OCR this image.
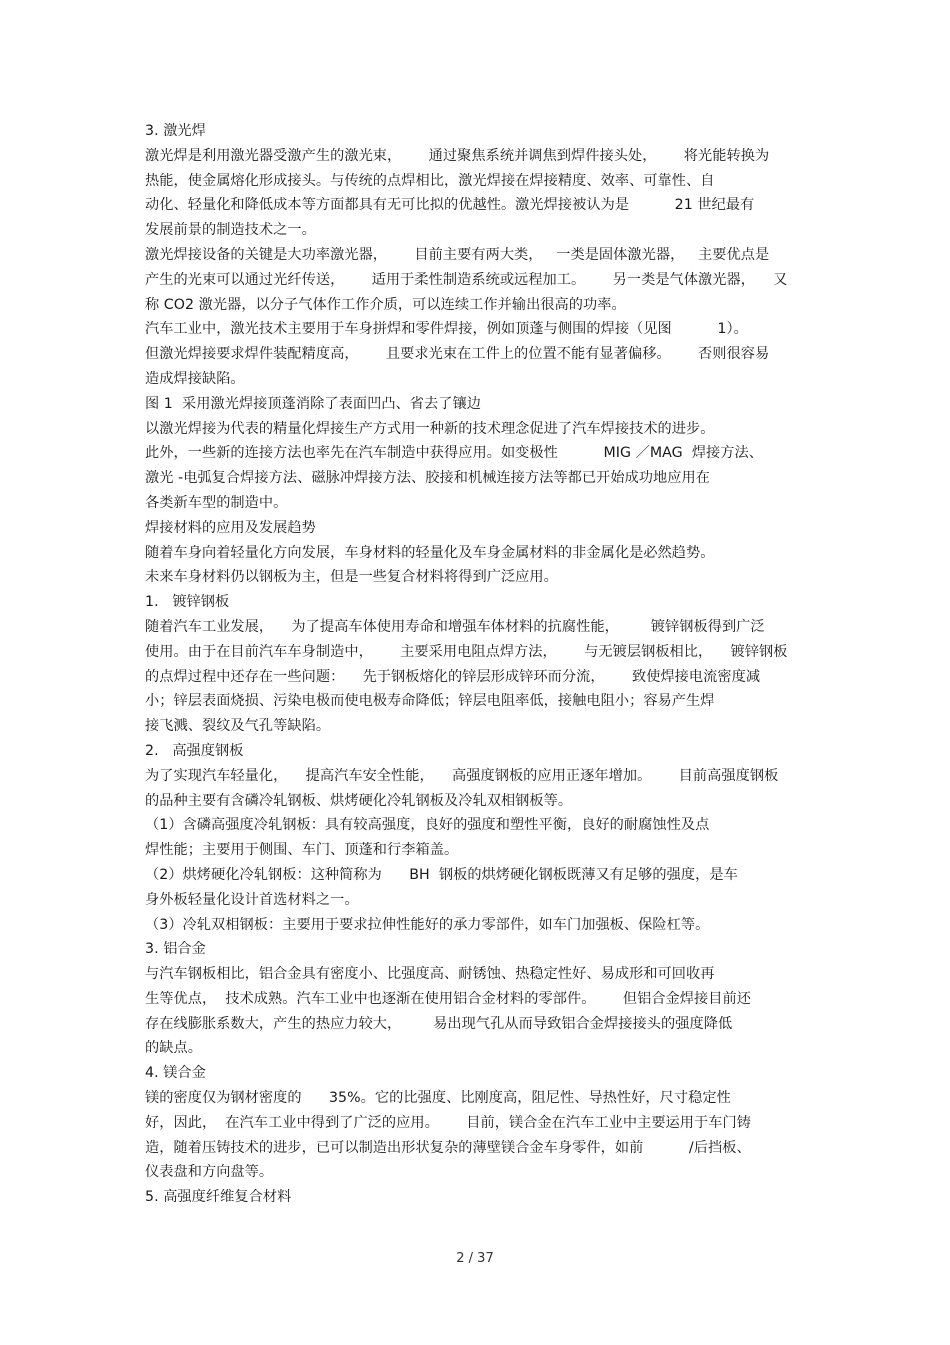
3. 激光焊
激光焊是利用激光器受激产生的激光束，      通过聚焦系统并调焦到焊件接头处，      将光能转换为
热能，使金属熔化形成接头。与传统的点焊相比，激光焊接在焊接精度、效率、可靠性、自
动化、轻量化和降低成本等方面都具有无可比拟的优越性。激光焊接被认为是          21 世纪最有
发展前景的制造技术之一。
激光焊接设备的关键是大功率激光器，      目前主要有两大类，   一类是固体激光器，   主要优点是
产生的光束可以通过光纤传送，      适用于柔性制造系统或远程加工。      另一类是气体激光器，    又
称 CO2 激光器，以分子气体作工作介质，可以连续工作并输出很高的功率。
汽车工业中，激光技术主要用于车身拼焊和零件焊接，例如顶蓬与侧围的焊接（见图          1）。
但激光焊接要求焊件装配精度高，      且要求光束在工件上的位置不能有显著偏移。      否则很容易
造成焊接缺陷。
图 1  采用激光焊接顶蓬消除了表面凹凸、省去了镶边
以激光焊接为代表的精量化焊接生产方式用一种新的技术理念促进了汽车焊接技术的进步。
此外，一些新的连接方法也率先在汽车制造中获得应用。如变极性          MIG ／MAG  焊接方法、
激光 -电弧复合焊接方法、磁脉冲焊接方法、胶接和机械连接方法等都已开始成功地应用在
各类新车型的制造中。
焊接材料的应用及发展趋势
随着车身向着轻量化方向发展，车身材料的轻量化及车身金属材料的非金属化是必然趋势。
未来车身材料仍以钢板为主，但是一些复合材料将得到广泛应用。
1.   镀锌钢板
随着汽车工业发展，    为了提高车体使用寿命和增强车体材料的抗腐性能，       镀锌钢板得到广泛
使用。由于在目前汽车车身制造中，      主要采用电阻点焊方法，      与无镀层钢板相比，    镀锌钢板
的点焊过程中还存在一些问题：    先于钢板熔化的锌层形成锌环而分流，      致使焊接电流密度减
小；锌层表面烧损、污染电极而使电极寿命降低；锌层电阻率低，接触电阻小；容易产生焊
接飞溅、裂纹及气孔等缺陷。
2.   高强度钢板
为了实现汽车轻量化，    提高汽车安全性能，    高强度钢板的应用正逐年增加。      目前高强度钢板
的品种主要有含磷冷轧钢板、烘烤硬化冷轧钢板及冷轧双相钢板等。
（1）含磷高强度冷轧钢板：具有较高强度，良好的强度和塑性平衡，良好的耐腐蚀性及点
焊性能；主要用于侧围、车门、顶蓬和行李箱盖。
（2）烘烤硬化冷轧钢板：这种简称为      BH  钢板的烘烤硬化钢板既薄又有足够的强度，是车
身外板轻量化设计首选材料之一。
（3）冷轧双相钢板：主要用于要求拉伸性能好的承力零部件，如车门加强板、保险杠等。
3. 铝合金
与汽车钢板相比，铝合金具有密度小、比强度高、耐锈蚀、热稳定性好、易成形和可回收再
生等优点，  技术成熟。汽车工业中也逐渐在使用铝合金材料的零部件。      但铝合金焊接目前还
存在线膨胀系数大，产生的热应力较大，       易出现气孔从而导致铝合金焊接接头的强度降低
的缺点。
4. 镁合金
镁的密度仅为钢材密度的      35%。它的比强度、比刚度高，阻尼性、导热性好，尺寸稳定性
好，因此，  在汽车工业中得到了广泛的应用。      目前，镁合金在汽车工业中主要运用于车门铸
造，随着压铸技术的进步，已可以制造出形状复杂的薄壁镁合金车身零件，如前          /后挡板、
仪表盘和方向盘等。
5. 高强度纤维复合材料
2 / 37
